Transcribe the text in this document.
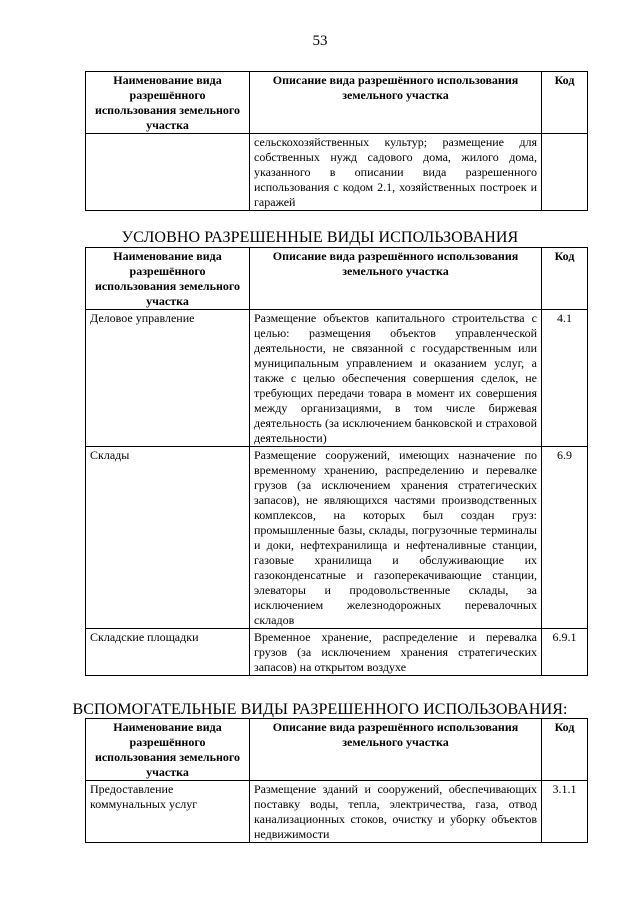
53
Наименование вида разрешённого использования земельного участка	Описание вида разрешённого использования земельного участка	Код
	сельскохозяйственных культур; размещение для собственных нужд садового дома, жилого дома, указанного в описании вида разрешенного использования с кодом 2.1, хозяйственных построек и гаражей	
УСЛОВНО РАЗРЕШЕННЫЕ ВИДЫ ИСПОЛЬЗОВАНИЯ
Наименование вида разрешённого использования земельного участка	Описание вида разрешённого использования земельного участка	Код
Деловое управление	Размещение объектов капитального строительства с целью: размещения объектов управленческой деятельности, не связанной с государственным или муниципальным управлением и оказанием услуг, а также с целью обеспечения совершения сделок, не требующих передачи товара в момент их совершения между организациями, в том числе биржевая деятельность (за исключением банковской и страховой деятельности)	4.1
Склады	Размещение сооружений, имеющих назначение по временному хранению, распределению и перевалке грузов (за исключением хранения стратегических запасов), не являющихся частями производственных комплексов, на которых был создан груз: промышленные базы, склады, погрузочные терминалы и доки, нефтехранилища и нефтеналивные станции, газовые хранилища и обслуживающие их газоконденсатные и газоперекачивающие станции, элеваторы и продовольственные склады, за исключением железнодорожных перевалочных складов	6.9
Складские площадки	Временное хранение, распределение и перевалка грузов (за исключением хранения стратегических запасов) на открытом воздухе	6.9.1
ВСПОМОГАТЕЛЬНЫЕ ВИДЫ РАЗРЕШЕННОГО ИСПОЛЬЗОВАНИЯ:
Наименование вида разрешённого использования земельного участка	Описание вида разрешённого использования земельного участка	Код
Предоставление коммунальных услуг	Размещение зданий и сооружений, обеспечивающих поставку воды, тепла, электричества, газа, отвод канализационных стоков, очистку и уборку объектов недвижимости	3.1.1
